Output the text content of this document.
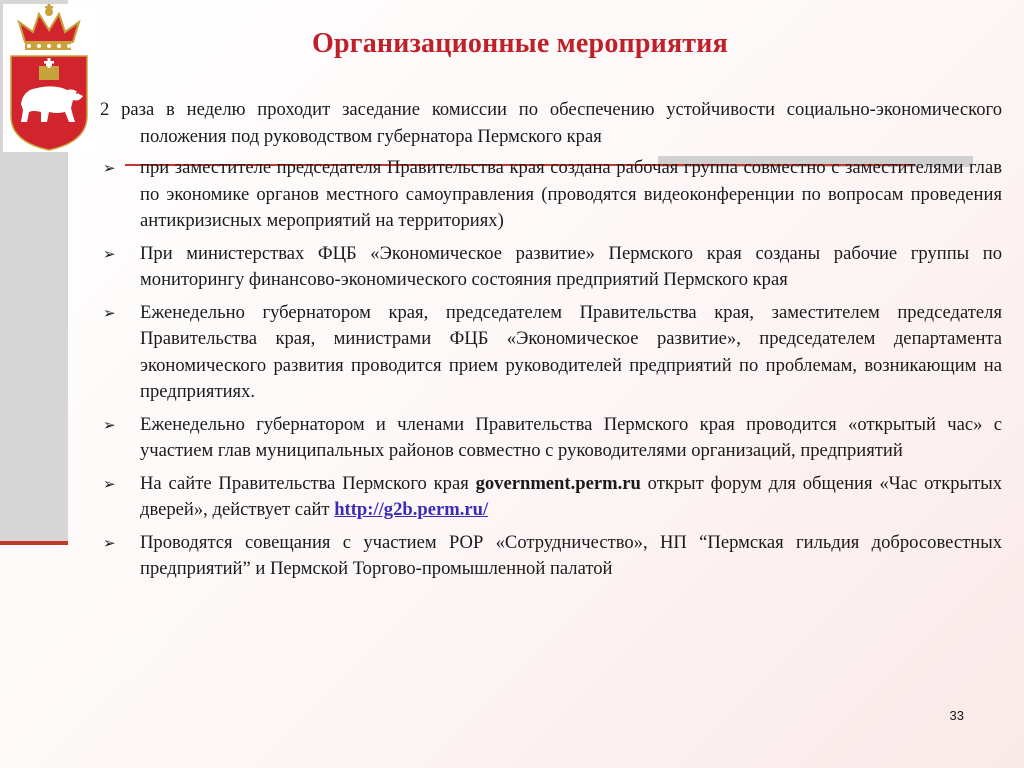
Организационные мероприятия

2 раза в неделю проходит заседание комиссии по обеспечению устойчивости социально-экономического положения под руководством губернатора Пермского края

➢ при заместителе председателя Правительства края создана рабочая группа совместно с заместителями глав по экономике органов местного самоуправления (проводятся видеоконференции по вопросам проведения антикризисных мероприятий на территориях)
➢ При министерствах ФЦБ «Экономическое развитие» Пермского края созданы рабочие группы по мониторингу финансово-экономического состояния предприятий Пермского края
➢ Еженедельно губернатором края, председателем Правительства края, заместителем председателя Правительства края, министрами ФЦБ «Экономическое развитие», председателем департамента экономического развития проводится прием руководителей предприятий по проблемам, возникающим на предприятиях.
➢ Еженедельно губернатором и членами Правительства Пермского края проводится «открытый час» с участием глав муниципальных районов совместно с руководителями организаций, предприятий
➢ На сайте Правительства Пермского края government.perm.ru открыт форум для общения «Час открытых дверей», действует сайт http://g2b.perm.ru/
➢ Проводятся совещания с участием РОР «Сотрудничество», НП “Пермская гильдия добросовестных предприятий” и Пермской Торгово-промышленной палатой
33
